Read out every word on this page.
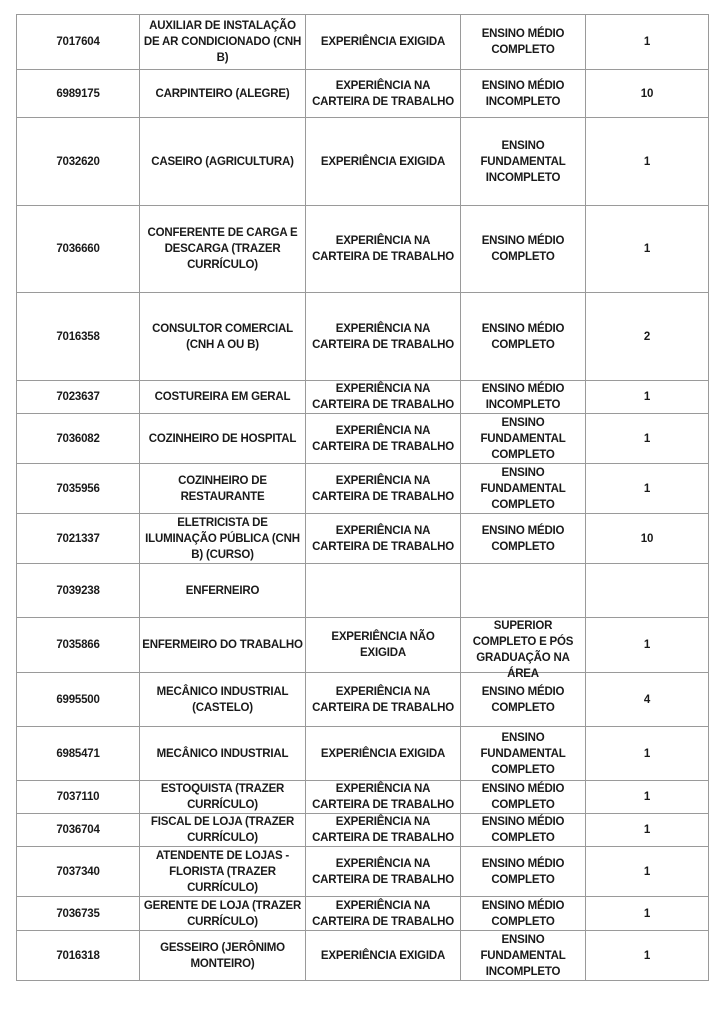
7017604	AUXILIAR DE INSTALAÇÃO DE AR CONDICIONADO (CNH B)	EXPERIÊNCIA EXIGIDA	ENSINO MÉDIO COMPLETO	1
6989175	CARPINTEIRO (ALEGRE)	EXPERIÊNCIA NA CARTEIRA DE TRABALHO	ENSINO MÉDIO INCOMPLETO	10
7032620	CASEIRO (AGRICULTURA)	EXPERIÊNCIA EXIGIDA	ENSINO FUNDAMENTAL INCOMPLETO	1
7036660	CONFERENTE DE CARGA E DESCARGA (TRAZER CURRÍCULO)	EXPERIÊNCIA NA CARTEIRA DE TRABALHO	ENSINO MÉDIO COMPLETO	1
7016358	CONSULTOR COMERCIAL (CNH A OU B)	EXPERIÊNCIA NA CARTEIRA DE TRABALHO	ENSINO MÉDIO COMPLETO	2
7023637	COSTUREIRA EM GERAL	EXPERIÊNCIA NA CARTEIRA DE TRABALHO	ENSINO MÉDIO INCOMPLETO	1
7036082	COZINHEIRO DE HOSPITAL	EXPERIÊNCIA NA CARTEIRA DE TRABALHO	ENSINO FUNDAMENTAL COMPLETO	1
7035956	COZINHEIRO DE RESTAURANTE	EXPERIÊNCIA NA CARTEIRA DE TRABALHO	ENSINO FUNDAMENTAL COMPLETO	1
7021337	ELETRICISTA DE ILUMINAÇÃO PÚBLICA (CNH B) (CURSO)	EXPERIÊNCIA NA CARTEIRA DE TRABALHO	ENSINO MÉDIO COMPLETO	10
7039238	ENFERNEIRO			
7035866	ENFERMEIRO DO TRABALHO	EXPERIÊNCIA NÃO EXIGIDA	SUPERIOR COMPLETO E PÓS GRADUAÇÃO NA ÁREA	1
6995500	MECÂNICO INDUSTRIAL (CASTELO)	EXPERIÊNCIA NA CARTEIRA DE TRABALHO	ENSINO MÉDIO COMPLETO	4
6985471	MECÂNICO INDUSTRIAL	EXPERIÊNCIA EXIGIDA	ENSINO FUNDAMENTAL COMPLETO	1
7037110	ESTOQUISTA (TRAZER CURRÍCULO)	EXPERIÊNCIA NA CARTEIRA DE TRABALHO	ENSINO MÉDIO COMPLETO	1
7036704	FISCAL DE LOJA (TRAZER CURRÍCULO)	EXPERIÊNCIA NA CARTEIRA DE TRABALHO	ENSINO MÉDIO COMPLETO	1
7037340	ATENDENTE DE LOJAS - FLORISTA (TRAZER CURRÍCULO)	EXPERIÊNCIA NA CARTEIRA DE TRABALHO	ENSINO MÉDIO COMPLETO	1
7036735	GERENTE DE LOJA (TRAZER CURRÍCULO)	EXPERIÊNCIA NA CARTEIRA DE TRABALHO	ENSINO MÉDIO COMPLETO	1
7016318	GESSEIRO (JERÔNIMO MONTEIRO)	EXPERIÊNCIA EXIGIDA	ENSINO FUNDAMENTAL INCOMPLETO	1
